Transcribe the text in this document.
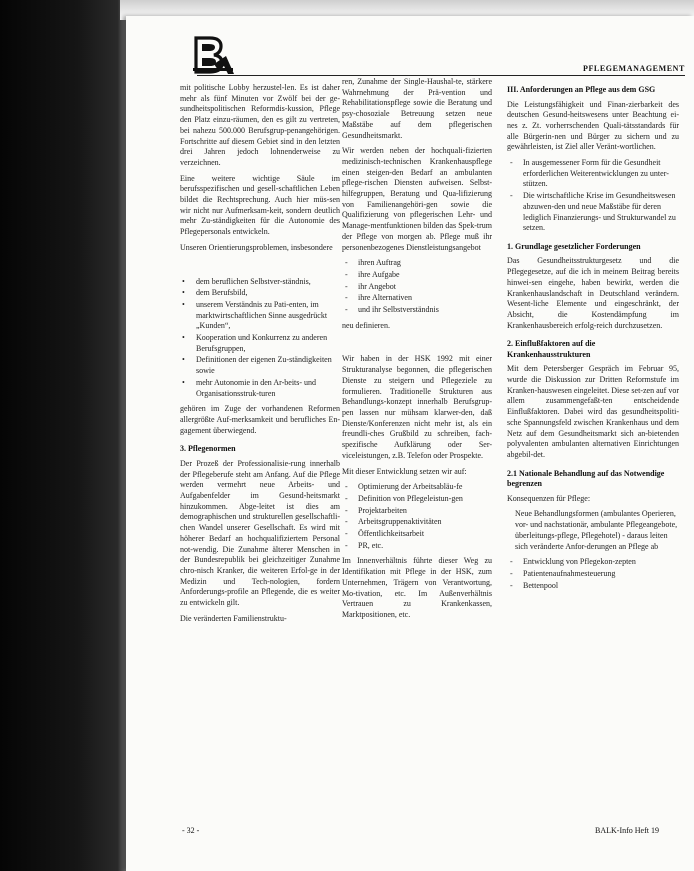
PFLEGEMANAGEMENT

mit politische Lobby herzustel-len. Es ist daher mehr als fünf Minuten vor Zwölf bei der ge-sundheitspolitischen Reformdis-kussion, Pflege den Platz einzu-räumen, den es gilt zu vertreten, bei nahezu 500.000 Berufsgrup-penangehörigen. Fortschritte auf diesem Gebiet sind in den letzten drei Jahren jedoch lohnenderweise zu verzeichnen.

Eine weitere wichtige Säule im berufsspezifischen und gesell-schaftlichen Leben bildet die Rechtsprechung. Auch hier müs-sen wir nicht nur Aufmerksam-keit, sondern deutlich mehr Zu-ständigkeiten für die Autonomie des Pflegepersonals entwickeln.

Unseren Orientierungsproblemen, insbesondere

• dem beruflichen Selbstver-ständnis,
• dem Berufsbild,
• unserem Verständnis zu Pati-enten, im marktwirtschaftlichen Sinne ausgedrückt „Kunden“,
• Kooperation und Konkurrenz zu anderen Berufsgruppen,
• Definitionen der eigenen Zu-ständigkeiten sowie
• mehr Autonomie in den Ar-beits- und Organisationsstruk-turen

gehören im Zuge der vorhandenen Reformen allergrößte Auf-merksamkeit und berufliches En-gagement überwiegend.

3. Pflegenormen

Der Prozeß der Professionalisie-rung innerhalb der Pflegeberufe steht am Anfang. Auf die Pflege werden vermehrt neue Arbeits- und Aufgabenfelder im Gesund-heitsmarkt hinzukommen. Abge-leitet ist dies am demographischen und strukturellen gesellschaftli-chen Wandel unserer Gesellschaft. Es wird mit höherer Bedarf an hochqualifiziertem Personal not-wendig. Die Zunahme älterer Menschen in der Bundesrepublik bei gleichzeitiger Zunahme chro-nisch Kranker, die weiteren Erfol-ge in der Medizin und Tech-nologien, fordern Anforderungs-profile an Pflegende, die es weiter zu entwickeln gilt.

Die veränderten Familienstruktu-

ren, Zunahme der Single-Haushal-te, stärkere Wahrnehmung der Prä-vention und Rehabilitationspflege sowie die Beratung und psy-chosoziale Betreuung setzen neue Maßstäbe auf dem pflegerischen Gesundheitsmarkt.

Wir werden neben der hochquali-fizierten medizinisch-technischen Krankenhauspflege einen steigen-den Bedarf an ambulanten pflege-rischen Diensten aufweisen. Selbst-hilfegruppen, Beratung und Qua-lifizierung von Familienangehöri-gen sowie die Qualifizierung von pflegerischen Lehr- und Manage-mentfunktionen bilden das Spek-trum der Pflege von morgen ab. Pflege muß ihr personenbezogenes Dienstleistungsangebot

- ihren Auftrag
- ihre Aufgabe
- ihr Angebot
- ihre Alternativen
- und ihr Selbstverständnis

neu definieren.

Wir haben in der HSK 1992 mit einer Strukturanalyse begonnen, die pflegerischen Dienste zu steigern und Pflegeziele zu formulieren. Traditionelle Strukturen aus Behandlungs-konzept innerhalb Berufsgrup-pen lassen nur mühsam klarwer-den, daß Dienste/Konferenzen nicht mehr ist, als ein freundli-ches Grußbild zu schreiben, fach-spezifische Aufklärung oder Ser-viceleistungen, z.B. Telefon oder Prospekte.

Mit dieser Entwicklung setzen wir auf:

- Optimierung der Arbeitsabläu-fe
- Definition von Pflegeleistun-gen
- Projektarbeiten
- Arbeitsgruppenaktivitäten
- Öffentlichkeitsarbeit
- PR, etc.

Im Innenverhältnis führte dieser Weg zu Identifikation mit Pflege in der HSK, zum Unternehmen, Trägern von Verantwortung, Mo-tivation, etc. Im Außenverhältnis Vertrauen zu Krankenkassen, Marktpositionen, etc.

III. Anforderungen an Pflege aus dem GSG

Die Leistungsfähigkeit und Finan-zierbarkeit des deutschen Gesund-heitswesens unter Beachtung ei-nes z. Zt. vorherrschenden Quali-tätsstandards für alle Bürgerin-nen und Bürger zu sichern und zu gewährleisten, ist Ziel aller Veränt-wortlichen.

- In ausgemessener Form für die Gesundheit erforderlichen Weiterentwicklungen zu unter-stützen.
- Die wirtschaftliche Krise im Gesundheitswesen abzuwen-den und neue Maßstäbe für deren lediglich Finanzierungs- und Strukturwandel zu setzen.
1. Grundlage gesetzlicher Forderungen

Das Gesundheitsstrukturgesetz und die Pflegegesetze, auf die ich in meinem Beitrag bereits hinwei-sen eingehe, haben bewirkt, werden die Krankenhauslandschaft in Deutschland verändern. Wesent-liche Elemente und eingeschränkt, der Absicht, die Kostendämpfung im Krankenhausbereich erfolg-reich durchzusetzen.

2. Einflußfaktoren auf die Krankenhausstrukturen

Mit dem Petersberger Gespräch im Februar 95, wurde die Diskussion zur Dritten Reformstufe im Kranken-hauswesen eingeleitet. Diese set-zen auf vor allem zusammengefaßt-ten entscheidende Einflußfaktoren. Dabei wird das gesundheitspoliti-sche Spannungsfeld zwischen Krankenhaus und dem Netz auf dem Gesundheitsmarkt sich an-bietenden polyvalenten ambulanten alternativen Einrichtungen abgebil-det.

2.1 Nationale Behandlung auf das Notwendige begrenzen

Konsequenzen für Pflege:

Neue Behandlungsformen (ambulantes Operieren, vor- und nachstationär, ambulante Pflegeangebote, überleitungs-pflege, Pflegehotel) - daraus leiten sich veränderte Anfor-derungen an Pflege ab
- Entwicklung von Pflegekon-zepten
- Patientenaufnahmesteuerung
- Bettenpool
- 32 -	BALK-Info Heft 19
